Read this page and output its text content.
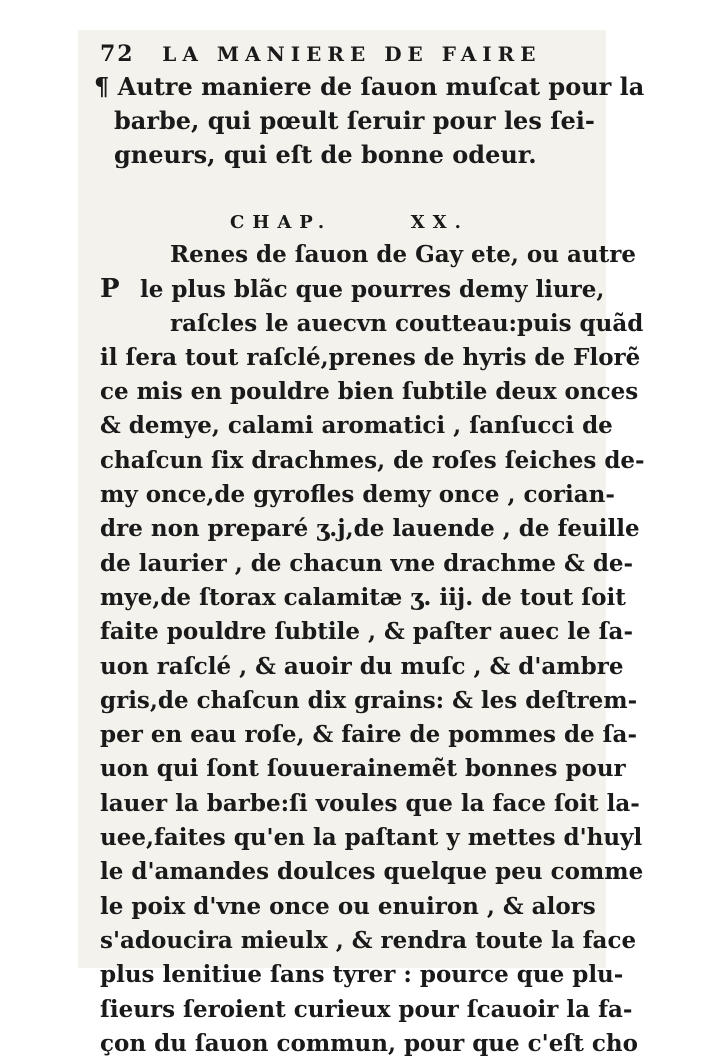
72 LA MANIERE DE FAIRE
¶ Autre maniere de ſauon muſcat pour la
barbe, qui pœult ſeruir pour les ſei-
gneurs, qui eſt de bonne odeur.
CHAP.	XX.
Renes de ſauon de Gay ete, ou autre
P le plus blãc que pourres demy liure,
raſcles le auecvn coutteau:puis quãd
il ſera tout raſclé,prenes de hyris de Florẽ
ce mis en pouldre bien ſubtile deux onces
& demye, calami aromatici , ſanſucci de
chaſcun ſix drachmes, de roſes ſeiches de-
my once,de gyrofles demy once , corian-
dre non preparé ʒ.j,de lauende , de feuille
de laurier , de chacun vne drachme & de-
mye,de ſtorax calamitæ ʒ. iij. de tout ſoit
faite pouldre ſubtile , & paſter auec le ſa-
uon raſclé , & auoir du muſc , & d'ambre
gris,de chaſcun dix grains: & les deſtrem-
per en eau roſe, & faire de pommes de ſa-
uon qui ſont ſouuerainemẽt bonnes pour
lauer la barbe:ſi voules que la face ſoit la-
uee,faites qu'en la paſtant y mettes d'huyl
le d'amandes doulces quelque peu comme
le poix d'vne once ou enuiron , & alors
s'adoucira mieulx , & rendra toute la face
plus lenitiue ſans tyrer : pource que plu-
ſieurs ſeroient curieux pour ſcauoir la fa-
çon du ſauon commun, pour que c'eſt cho
